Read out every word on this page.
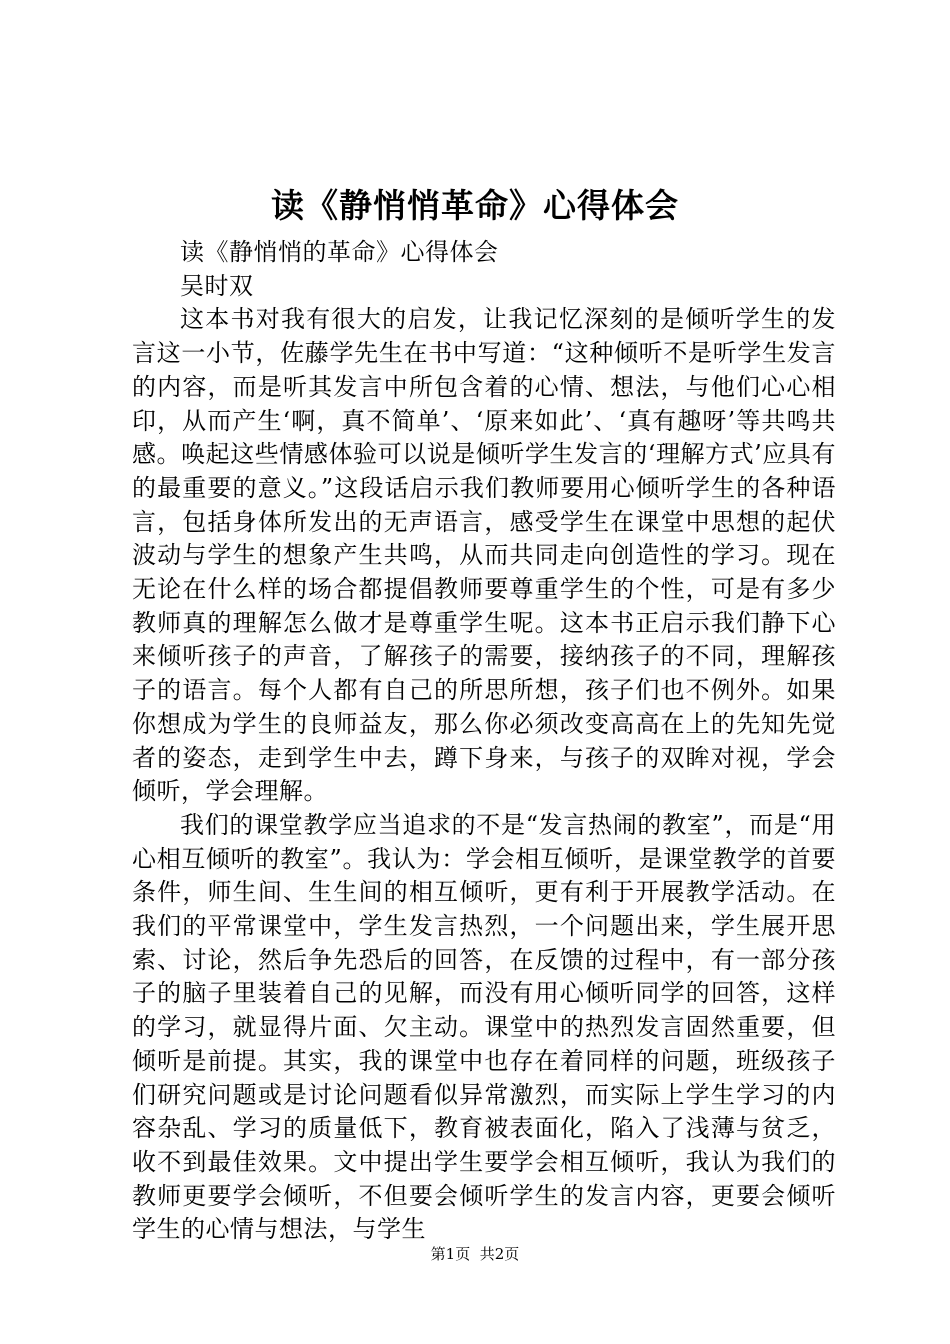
读《静悄悄革命》心得体会

读《静悄悄的革命》心得体会

吴时双

这本书对我有很大的启发，让我记忆深刻的是倾听学生的发言这一小节，佐藤学先生在书中写道：“这种倾听不是听学生发言的内容，而是听其发言中所包含着的心情、想法，与他们心心相印，从而产生‘啊，真不简单’、‘原来如此’、‘真有趣呀’等共鸣共感。唤起这些情感体验可以说是倾听学生发言的‘理解方式’应具有的最重要的意义。”这段话启示我们教师要用心倾听学生的各种语言，包括身体所发出的无声语言，感受学生在课堂中思想的起伏波动与学生的想象产生共鸣，从而共同走向创造性的学习。现在无论在什么样的场合都提倡教师要尊重学生的个性，可是有多少教师真的理解怎么做才是尊重学生呢。这本书正启示我们静下心来倾听孩子的声音，了解孩子的需要，接纳孩子的不同，理解孩子的语言。每个人都有自己的所思所想，孩子们也不例外。如果你想成为学生的良师益友，那么你必须改变高高在上的先知先觉者的姿态，走到学生中去，蹲下身来，与孩子的双眸对视，学会倾听，学会理解。

我们的课堂教学应当追求的不是“发言热闹的教室”，而是“用心相互倾听的教室”。我认为：学会相互倾听，是课堂教学的首要条件，师生间、生生间的相互倾听，更有利于开展教学活动。在我们的平常课堂中，学生发言热烈，一个问题出来，学生展开思索、讨论，然后争先恐后的回答，在反馈的过程中，有一部分孩子的脑子里装着自己的见解，而没有用心倾听同学的回答，这样的学习，就显得片面、欠主动。课堂中的热烈发言固然重要，但倾听是前提。其实，我的课堂中也存在着同样的问题，班级孩子们研究问题或是讨论问题看似异常激烈，而实际上学生学习的内容杂乱、学习的质量低下，教育被表面化，陷入了浅薄与贫乏，收不到最佳效果。文中提出学生要学会相互倾听，我认为我们的教师更要学会倾听，不但要会倾听学生的发言内容，更要会倾听学生的心情与想法，与学生

第1页 共2页
